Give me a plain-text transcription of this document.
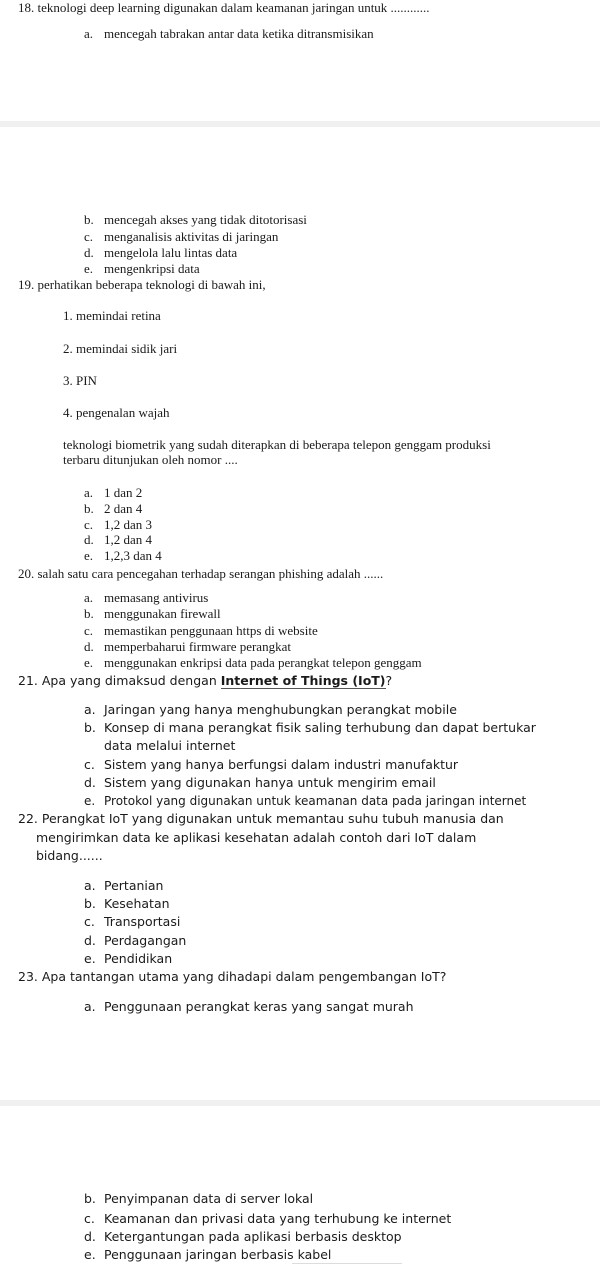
18. teknologi deep learning digunakan dalam keamanan jaringan untuk ............
a. mencegah tabrakan antar data ketika ditransmisikan
b. mencegah akses yang tidak ditotorisasi
c. menganalisis aktivitas di jaringan
d. mengelola lalu lintas data
e. mengenkripsi data
19. perhatikan beberapa teknologi di bawah ini,
1. memindai retina
2. memindai sidik jari
3. PIN
4. pengenalan wajah
teknologi biometrik yang sudah diterapkan di beberapa telepon genggam produksi
terbaru ditunjukan oleh nomor ....
a. 1 dan 2
b. 2 dan 4
c. 1,2 dan 3
d. 1,2 dan 4
e. 1,2,3 dan 4
20. salah satu cara pencegahan terhadap serangan phishing adalah ......
a. memasang antivirus
b. menggunakan firewall
c. memastikan penggunaan https di website
d. memperbaharui firmware perangkat
e. menggunakan enkripsi data pada perangkat telepon genggam
21. Apa yang dimaksud dengan Internet of Things (IoT)?
a. Jaringan yang hanya menghubungkan perangkat mobile
b. Konsep di mana perangkat fisik saling terhubung dan dapat bertukar
data melalui internet
c. Sistem yang hanya berfungsi dalam industri manufaktur
d. Sistem yang digunakan hanya untuk mengirim email
e. Protokol yang digunakan untuk keamanan data pada jaringan internet
22. Perangkat IoT yang digunakan untuk memantau suhu tubuh manusia dan
mengirimkan data ke aplikasi kesehatan adalah contoh dari IoT dalam
bidang......
a. Pertanian
b. Kesehatan
c. Transportasi
d. Perdagangan
e. Pendidikan
23. Apa tantangan utama yang dihadapi dalam pengembangan IoT?
a. Penggunaan perangkat keras yang sangat murah
b. Penyimpanan data di server lokal
c. Keamanan dan privasi data yang terhubung ke internet
d. Ketergantungan pada aplikasi berbasis desktop
e. Penggunaan jaringan berbasis kabel
